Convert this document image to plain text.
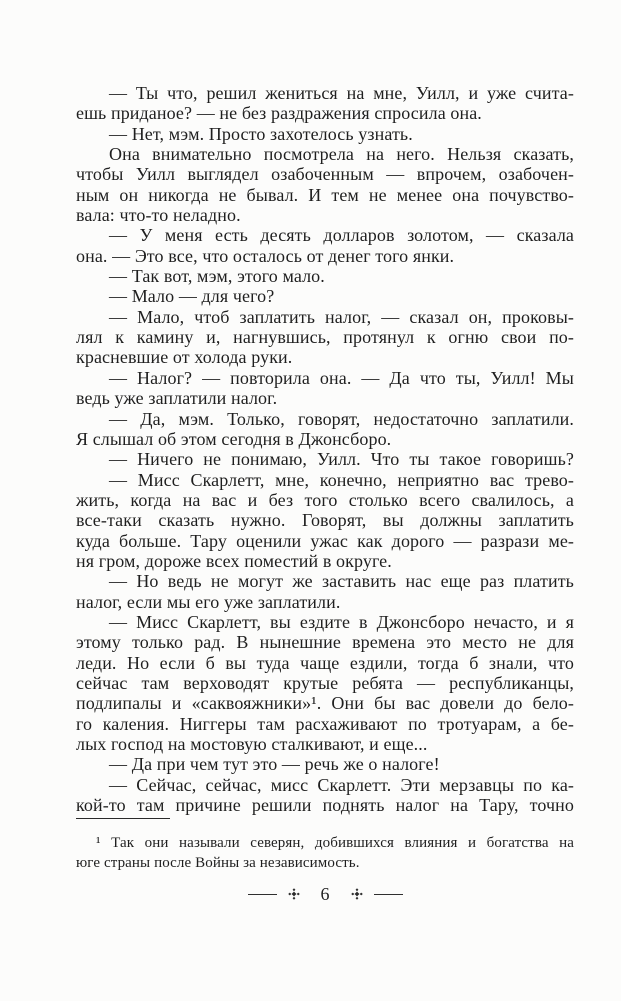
— Ты что, решил жениться на мне, Уилл, и уже счита-
ешь приданое? — не без раздражения спросила она.
— Нет, мэм. Просто захотелось узнать.
Она внимательно посмотрела на него. Нельзя сказать,
чтобы Уилл выглядел озабоченным — впрочем, озабочен-
ным он никогда не бывал. И тем не менее она почувство-
вала: что-то неладно.
— У меня есть десять долларов золотом, — сказала
она. — Это все, что осталось от денег того янки.
— Так вот, мэм, этого мало.
— Мало — для чего?
— Мало, чтоб заплатить налог, — сказал он, проковы-
лял к камину и, нагнувшись, протянул к огню свои по-
красневшие от холода руки.
— Налог? — повторила она. — Да что ты, Уилл! Мы
ведь уже заплатили налог.
— Да, мэм. Только, говорят, недостаточно заплатили.
Я слышал об этом сегодня в Джонсборо.
— Ничего не понимаю, Уилл. Что ты такое говоришь?
— Мисс Скарлетт, мне, конечно, неприятно вас трево-
жить, когда на вас и без того столько всего свалилось, а
все-таки сказать нужно. Говорят, вы должны заплатить
куда больше. Тару оценили ужас как дорого — разрази ме-
ня гром, дороже всех поместий в округе.
— Но ведь не могут же заставить нас еще раз платить
налог, если мы его уже заплатили.
— Мисс Скарлетт, вы ездите в Джонсборо нечасто, и я
этому только рад. В нынешние времена это место не для
леди. Но если б вы туда чаще ездили, тогда б знали, что
сейчас там верховодят крутые ребята — республиканцы,
подлипалы и «саквояжники»¹. Они бы вас довели до бело-
го каления. Ниггеры там расхаживают по тротуарам, а бе-
лых господ на мостовую сталкивают, и еще...
— Да при чем тут это — речь же о налоге!
— Сейчас, сейчас, мисс Скарлетт. Эти мерзавцы по ка-
кой-то там причине решили поднять налог на Тару, точно
¹ Так они называли северян, добившихся влияния и богатства на
юге страны после Войны за независимость.
6
